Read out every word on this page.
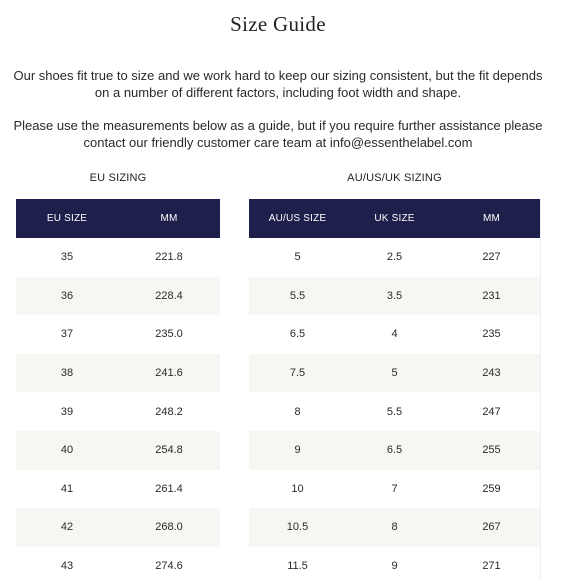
Size Guide
Our shoes fit true to size and we work hard to keep our sizing consistent, but the fit depends on a number of different factors, including foot width and shape.
Please use the measurements below as a guide, but if you require further assistance please contact our friendly customer care team at info@essenthelabel.com
EU SIZING	AU/US/UK SIZING
EU SIZE	MM
35	221.8
36	228.4
37	235.0
38	241.6
39	248.2
40	254.8
41	261.4
42	268.0
43	274.6
AU/US SIZE	UK SIZE	MM
5	2.5	227
5.5	3.5	231
6.5	4	235
7.5	5	243
8	5.5	247
9	6.5	255
10	7	259
10.5	8	267
11.5	9	271
